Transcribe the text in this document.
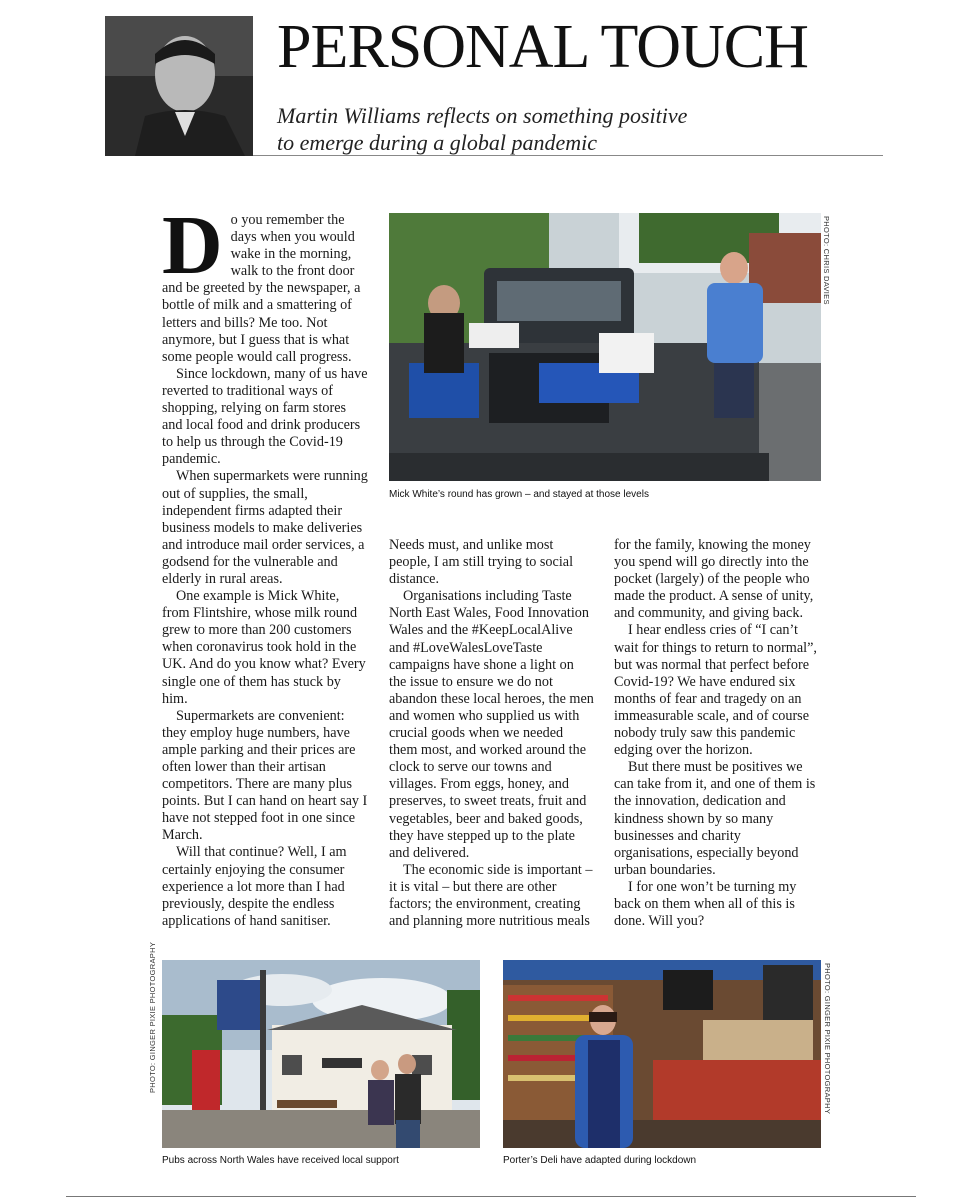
PERSONAL TOUCH
Martin Williams reflects on something positive
to emerge during a global pandemic

Do you remember the days when you would wake in the morning, walk to the front door and be greeted by the newspaper, a bottle of milk and a smattering of letters and bills? Me too. Not anymore, but I guess that is what some people would call progress.

Since lockdown, many of us have reverted to traditional ways of shopping, relying on farm stores and local food and drink producers to help us through the Covid-19 pandemic.

When supermarkets were running out of supplies, the small, independent firms adapted their business models to make deliveries and introduce mail order services, a godsend for the vulnerable and elderly in rural areas.

One example is Mick White, from Flintshire, whose milk round grew to more than 200 customers when coronavirus took hold in the UK. And do you know what? Every single one of them has stuck by him.

Supermarkets are convenient: they employ huge numbers, have ample parking and their prices are often lower than their artisan competitors. There are many plus points. But I can hand on heart say I have not stepped foot in one since March.

Will that continue? Well, I am certainly enjoying the consumer experience a lot more than I had previously, despite the endless applications of hand sanitiser.

PHOTO: CHRIS DAVIES
Mick White’s round has grown – and stayed at those levels

Needs must, and unlike most people, I am still trying to social distance.

Organisations including Taste North East Wales, Food Innovation Wales and the #KeepLocalAlive and #LoveWalesLoveTaste campaigns have shone a light on the issue to ensure we do not abandon these local heroes, the men and women who supplied us with crucial goods when we needed them most, and worked around the clock to serve our towns and villages. From eggs, honey, and preserves, to sweet treats, fruit and vegetables, beer and baked goods, they have stepped up to the plate and delivered.

The economic side is important – it is vital – but there are other factors; the environment, creating and planning more nutritious meals

for the family, knowing the money you spend will go directly into the pocket (largely) of the people who made the product. A sense of unity, and community, and giving back.

I hear endless cries of “I can’t wait for things to return to normal”, but was normal that perfect before Covid-19? We have endured six months of fear and tragedy on an immeasurable scale, and of course nobody truly saw this pandemic edging over the horizon.

But there must be positives we can take from it, and one of them is the innovation, dedication and kindness shown by so many businesses and charity organisations, especially beyond urban boundaries.

I for one won’t be turning my back on them when all of this is done. Will you?

PHOTO: GINGER PIXIE PHOTOGRAPHY
Pubs across North Wales have received local support
PHOTO: GINGER PIXIE PHOTOGRAPHY
Porter’s Deli have adapted during lockdown
